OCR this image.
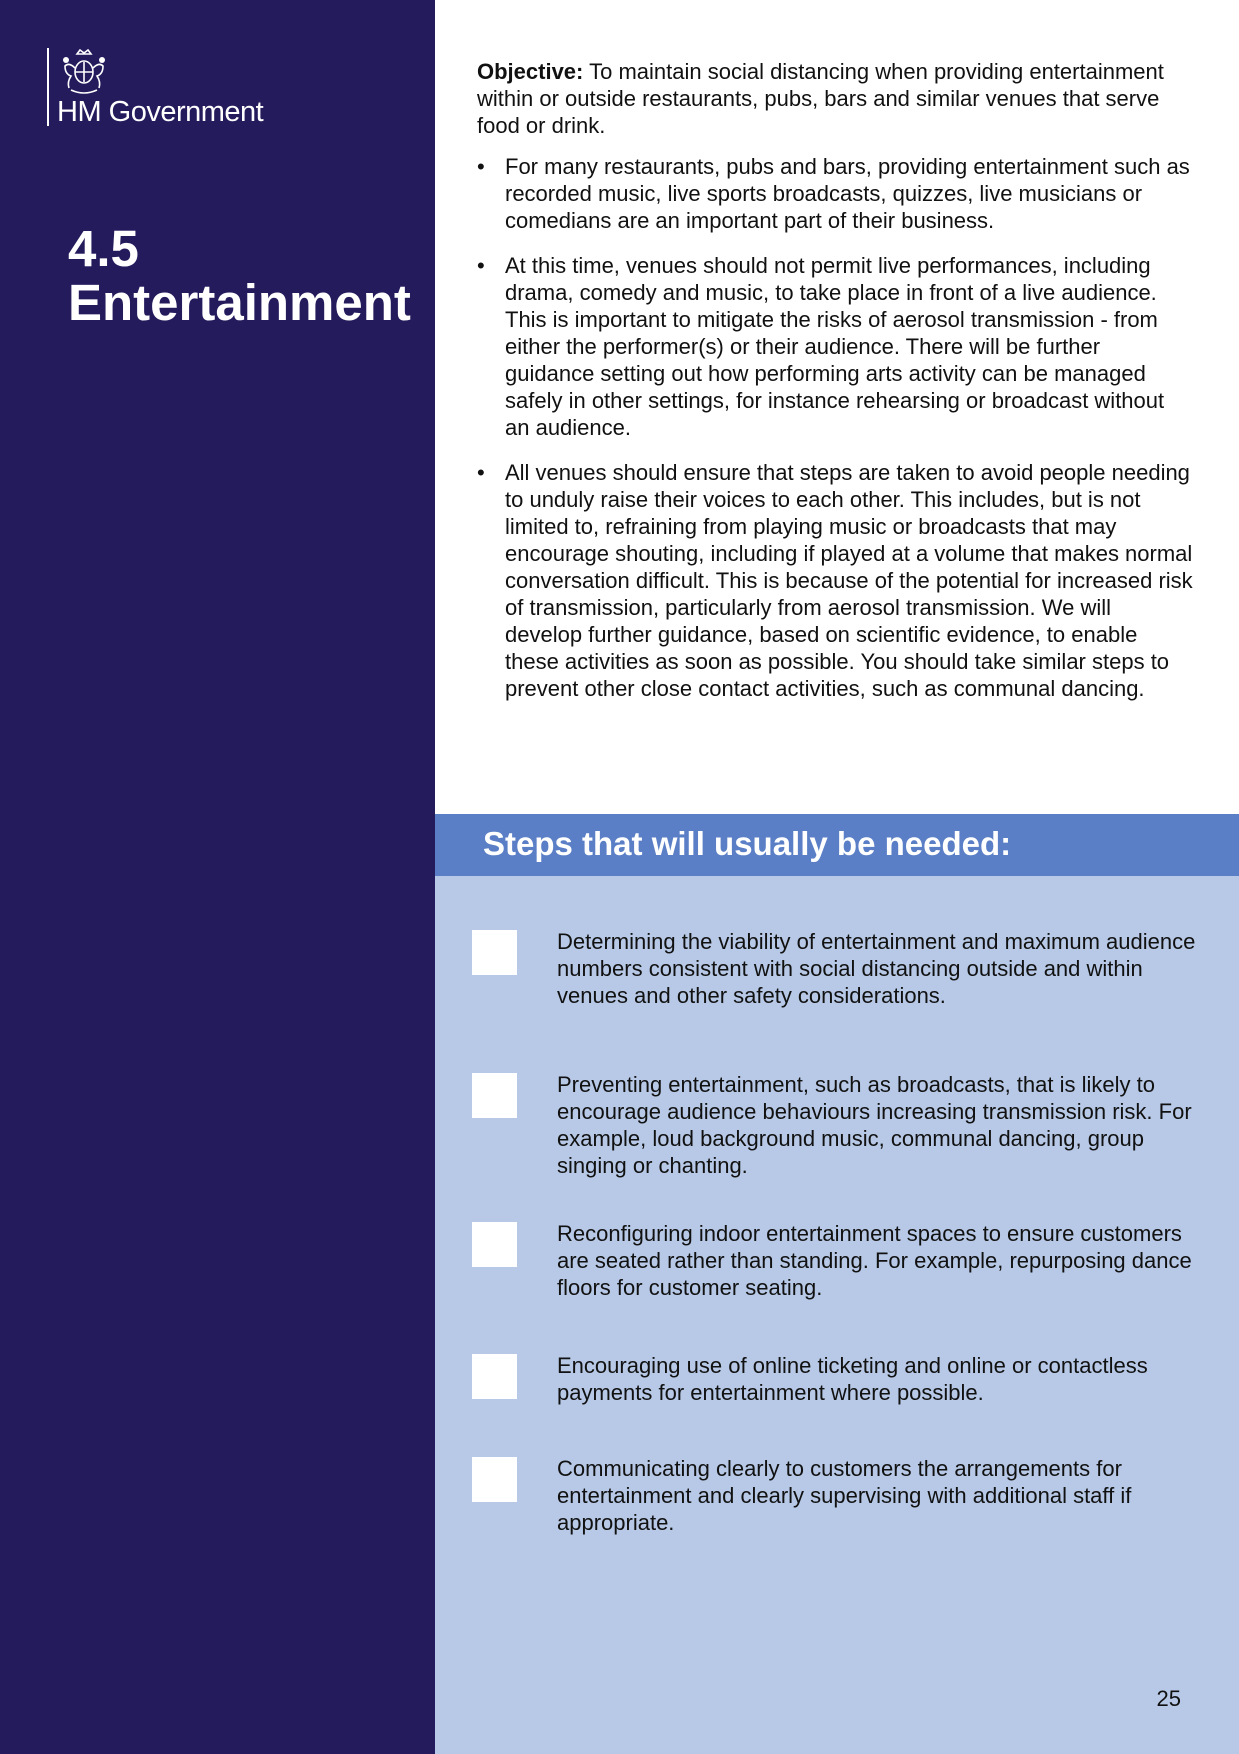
HM Government
4.5
Entertainment

Objective: To maintain social distancing when providing entertainment within or outside restaurants, pubs, bars and similar venues that serve food or drink.

• For many restaurants, pubs and bars, providing entertainment such as recorded music, live sports broadcasts, quizzes, live musicians or comedians are an important part of their business.
• At this time, venues should not permit live performances, including drama, comedy and music, to take place in front of a live audience. This is important to mitigate the risks of aerosol transmission - from either the performer(s) or their audience. There will be further guidance setting out how performing arts activity can be managed safely in other settings, for instance rehearsing or broadcast without an audience.
• All venues should ensure that steps are taken to avoid people needing to unduly raise their voices to each other. This includes, but is not limited to, refraining from playing music or broadcasts that may encourage shouting, including if played at a volume that makes normal conversation difficult. This is because of the potential for increased risk of transmission, particularly from aerosol transmission. We will develop further guidance, based on scientific evidence, to enable these activities as soon as possible. You should take similar steps to prevent other close contact activities, such as communal dancing.
Steps that will usually be needed:
Determining the viability of entertainment and maximum audience numbers consistent with social distancing outside and within venues and other safety considerations.
Preventing entertainment, such as broadcasts, that is likely to encourage audience behaviours increasing transmission risk. For example, loud background music, communal dancing, group singing or chanting.
Reconfiguring indoor entertainment spaces to ensure customers are seated rather than standing. For example, repurposing dance floors for customer seating.
Encouraging use of online ticketing and online or contactless payments for entertainment where possible.
Communicating clearly to customers the arrangements for entertainment and clearly supervising with additional staff if appropriate.
25
